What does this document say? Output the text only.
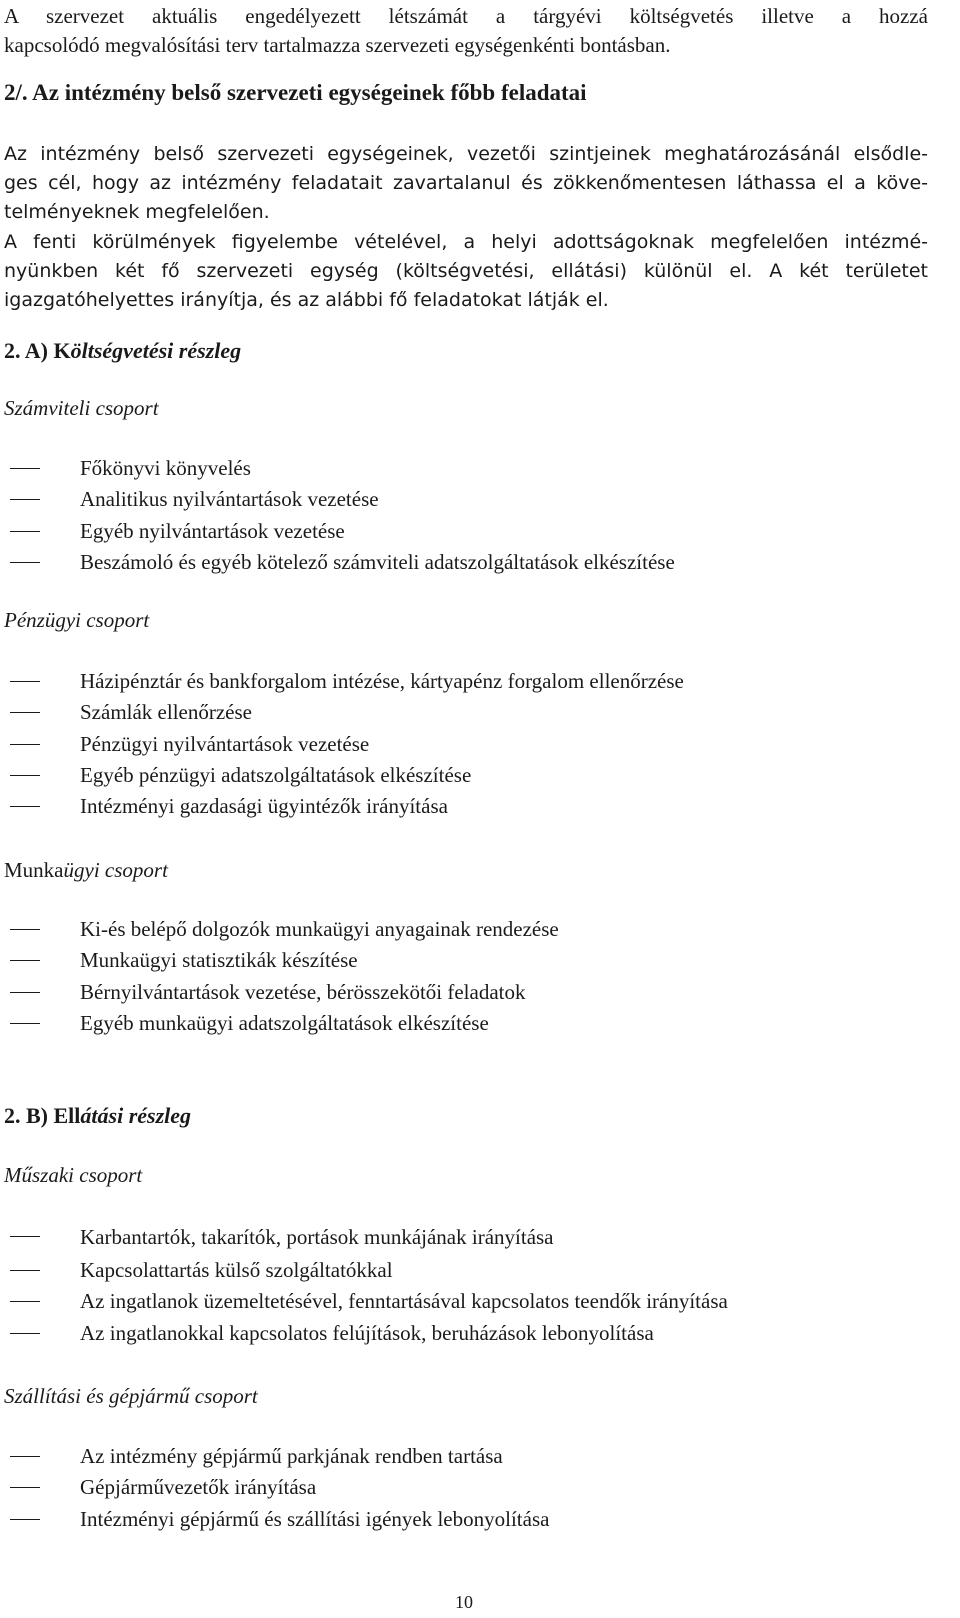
A szervezet aktuális engedélyezett létszámát a tárgyévi költségvetés illetve a hozzá
kapcsolódó megvalósítási terv tartalmazza szervezeti egységenkénti bontásban.
2/. Az intézmény belső szervezeti egységeinek főbb feladatai
Az intézmény belső szervezeti egységeinek, vezetői szintjeinek meghatározásánál elsődle-
ges cél, hogy az intézmény feladatait zavartalanul és zökkenőmentesen láthassa el a köve-
telményeknek megfelelően.
A fenti körülmények figyelembe vételével, a helyi adottságoknak megfelelően intézmé-
nyünkben két fő szervezeti egység (költségvetési, ellátási) különül el. A két területet
igazgatóhelyettes irányítja, és az alábbi fő feladatokat látják el.
2. A) Költségvetési részleg
Számviteli csoport
Főkönyvi könyvelés
Analitikus nyilvántartások vezetése
Egyéb nyilvántartások vezetése
Beszámoló és egyéb kötelező számviteli adatszolgáltatások elkészítése
Pénzügyi csoport
Házipénztár és bankforgalom intézése, kártyapénz forgalom ellenőrzése
Számlák ellenőrzése
Pénzügyi nyilvántartások vezetése
Egyéb pénzügyi adatszolgáltatások elkészítése
Intézményi gazdasági ügyintézők irányítása
Munkaügyi csoport
Ki-és belépő dolgozók munkaügyi anyagainak rendezése
Munkaügyi statisztikák készítése
Bérnyilvántartások vezetése, bérösszekötői feladatok
Egyéb munkaügyi adatszolgáltatások elkészítése
2. B) Ellátási részleg
Műszaki csoport
Karbantartók, takarítók, portások munkájának irányítása
Kapcsolattartás külső szolgáltatókkal
Az ingatlanok üzemeltetésével, fenntartásával kapcsolatos teendők irányítása
Az ingatlanokkal kapcsolatos felújítások, beruházások lebonyolítása
Szállítási és gépjármű csoport
Az intézmény gépjármű parkjának rendben tartása
Gépjárművezetők irányítása
Intézményi gépjármű és szállítási igények lebonyolítása
10
